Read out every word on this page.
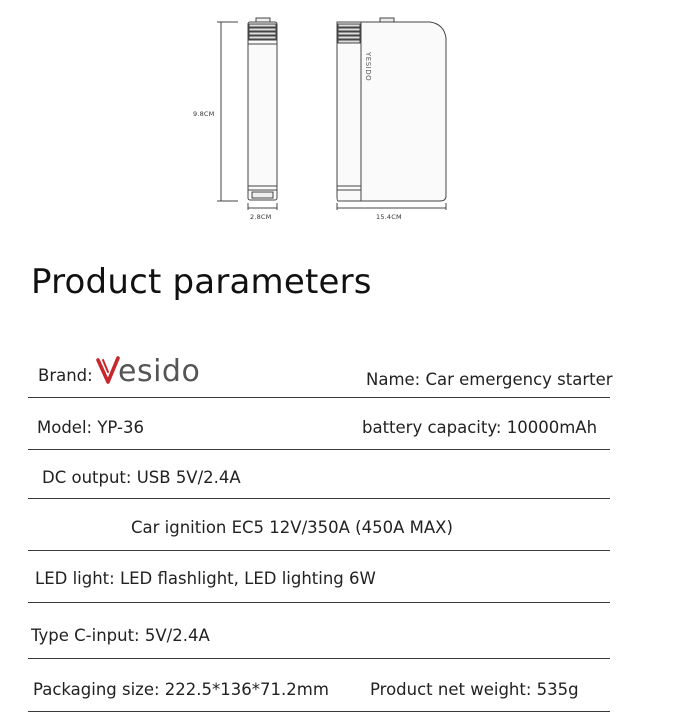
YESIDO
9.8CM
2.8CM	15.4CM
Product parameters
Brand: esido	Name: Car emergency starter
Model: YP-36	battery capacity: 10000mAh
DC output: USB 5V/2.4A
Car ignition EC5 12V/350A (450A MAX)
LED light: LED flashlight, LED lighting 6W
Type C-input: 5V/2.4A
Packaging size: 222.5*136*71.2mm Product net weight: 535g
